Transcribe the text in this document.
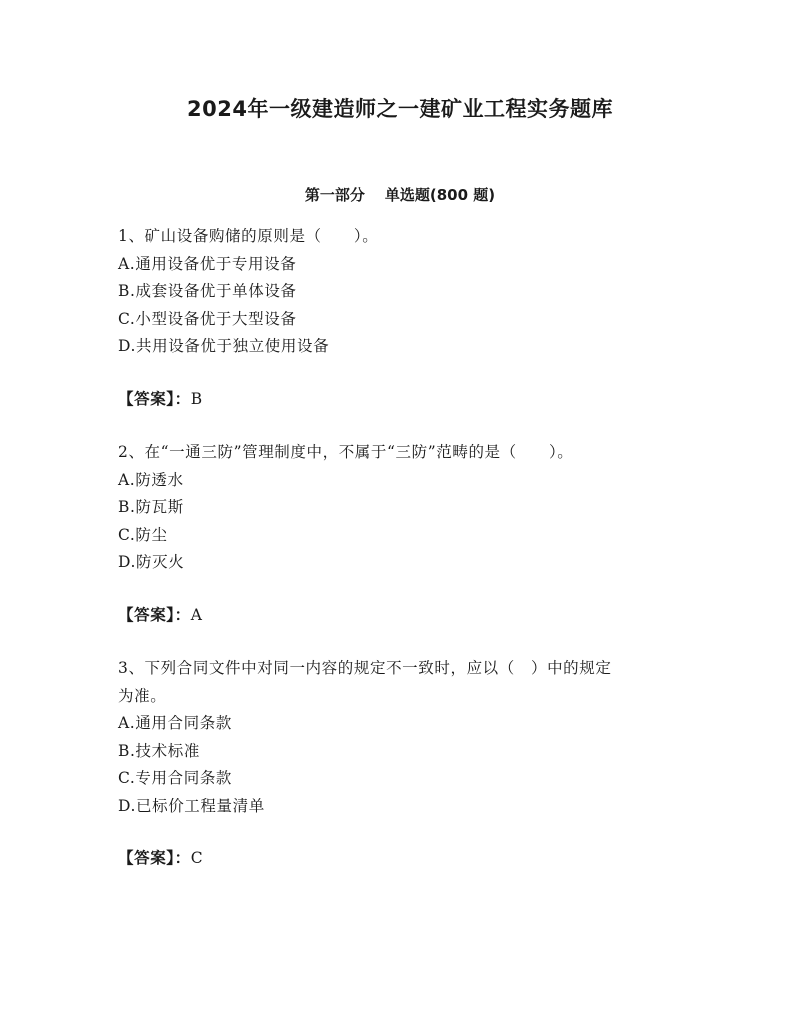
2024年一级建造师之一建矿业工程实务题库
第一部分 单选题(800 题)

1、矿山设备购储的原则是（　　）。

A.通用设备优于专用设备

B.成套设备优于单体设备

C.小型设备优于大型设备

D.共用设备优于独立使用设备

【答案】：B

2、在“一通三防”管理制度中，不属于“三防”范畴的是（　　）。

A.防透水

B.防瓦斯

C.防尘

D.防灭火

【答案】：A

3、下列合同文件中对同一内容的规定不一致时，应以（　）中的规定

为准。

A.通用合同条款

B.技术标准

C.专用合同条款

D.已标价工程量清单

【答案】：C
